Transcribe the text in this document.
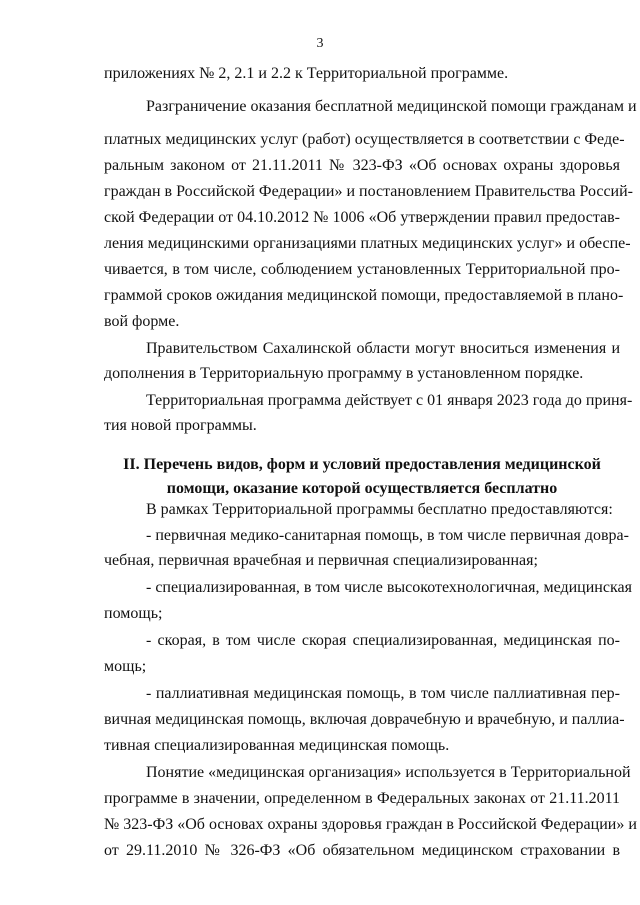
3
приложениях № 2, 2.1 и 2.2 к Территориальной программе.
Разграничение оказания бесплатной медицинской помощи гражданам и
платных медицинских услуг (работ) осуществляется в соответствии с Феде-
ральным законом от 21.11.2011 № 323-ФЗ «Об основах охраны здоровья
граждан в Российской Федерации» и постановлением Правительства Россий-
ской Федерации от 04.10.2012 № 1006 «Об утверждении правил предостав-
ления медицинскими организациями платных медицинских услуг» и обеспе-
чивается, в том числе, соблюдением установленных Территориальной про-
граммой сроков ожидания медицинской помощи, предоставляемой в планo-
вой форме.
Правительством Сахалинской области могут вноситься изменения и
дополнения в Территориальную программу в установленном порядке.
Территориальная программа действует с 01 января 2023 года до приня-
тия новой программы.
II. Перечень видов, форм и условий предоставления медицинской
помощи, оказание которой осуществляется бесплатно
В рамках Территориальной программы бесплатно предоставляются:
- первичная медико-санитарная помощь, в том числе первичная довра-
чебная, первичная врачебная и первичная специализированная;
- специализированная, в том числе высокотехнологичная, медицинская
помощь;
- скорая, в том числе скорая специализированная, медицинская по-
мощь;
- паллиативная медицинская помощь, в том числе паллиативная пер-
вичная медицинская помощь, включая доврачебную и врачебную, и паллиа-
тивная специализированная медицинская помощь.
Понятие «медицинская организация» используется в Территориальной
программе в значении, определенном в Федеральных законах от 21.11.2011
№ 323-ФЗ «Об основах охраны здоровья граждан в Российской Федерации» и
от 29.11.2010 № 326-ФЗ «Об обязательном медицинском страховании в
